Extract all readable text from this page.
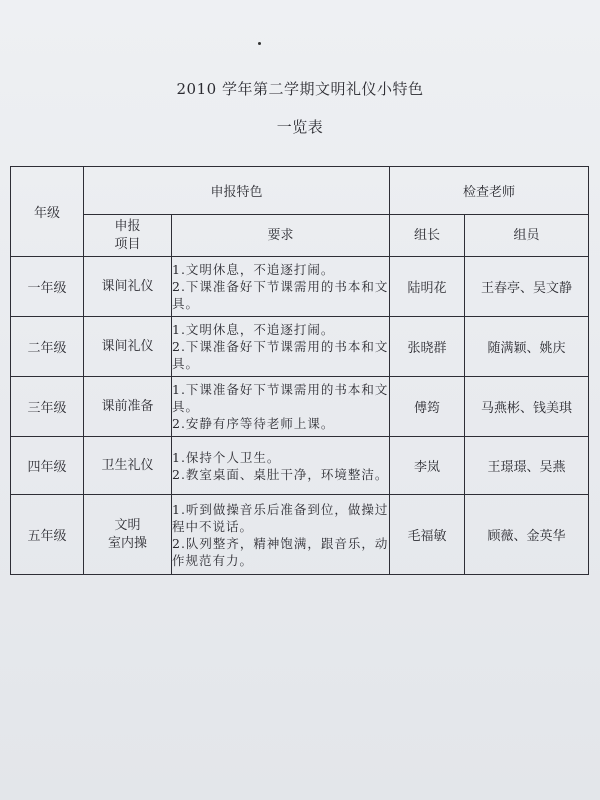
2010 学年第二学期文明礼仪小特色
一览表
年级	申报特色		检查老师	

	申报
项目	要求	组长	组员
一年级	课间礼仪	1.文明休息，不追逐打闹。
2.下课准备好下节课需用的书本和文具。	陆明花	王春亭、吴文静
二年级	课间礼仪	1.文明休息，不追逐打闹。
2.下课准备好下节课需用的书本和文具。	张晓群	随满颖、姚庆
三年级	课前准备	1.下课准备好下节课需用的书本和文具。
2.安静有序等待老师上课。	傅筠	马燕彬、钱美琪
四年级	卫生礼仪	1.保持个人卫生。
2.教室桌面、桌肚干净，环境整洁。	李岚	王璟璟、吴燕
五年级	文明
室内操	1.听到做操音乐后准备到位，做操过程中不说话。
2.队列整齐，精神饱满，跟音乐，动作规范有力。	毛福敏	顾薇、金英华
